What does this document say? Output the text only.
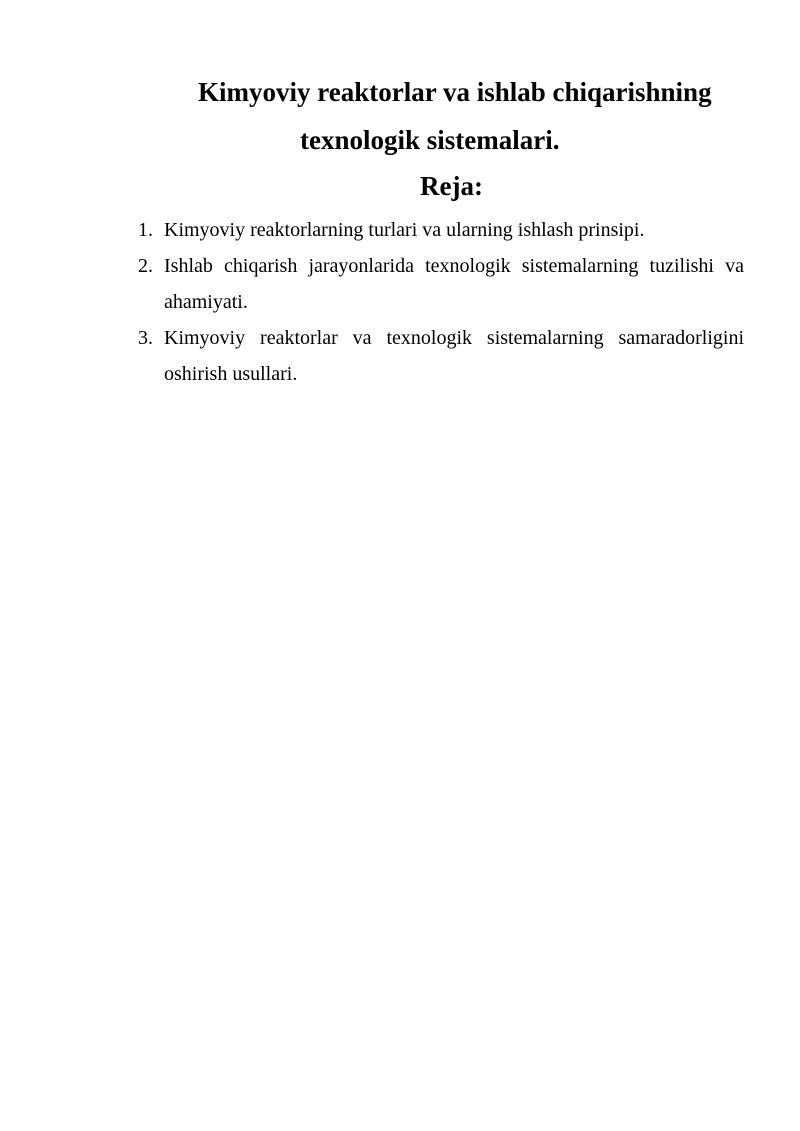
Kimyoviy reaktorlar va ishlab chiqarishning
texnologik sistemalari.
Reja:
1. Kimyoviy reaktorlarning turlari va ularning ishlash prinsipi.
2. Ishlab chiqarish jarayonlarida texnologik sistemalarning tuzilishi va ahamiyati.
3. Kimyoviy reaktorlar va texnologik sistemalarning samaradorligini oshirish usullari.
